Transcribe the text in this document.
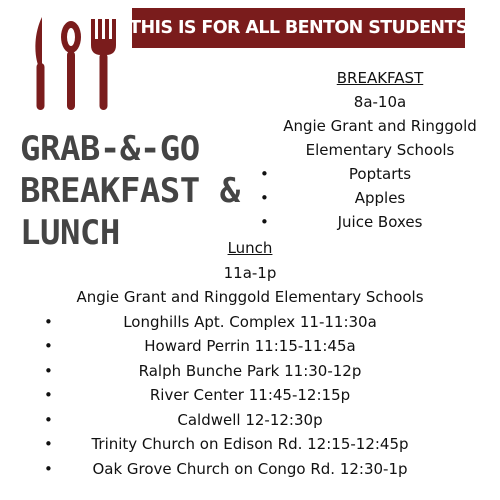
THIS IS FOR ALL BENTON STUDENTS
GRAB-&-GO
BREAKFAST &
LUNCH
BREAKFAST
8a-10a
Angie Grant and Ringgold
Elementary Schools
• Poptarts
• Apples
• Juice Boxes
Lunch
11a-1p
Angie Grant and Ringgold Elementary Schools
• Longhills Apt. Complex 11-11:30a
• Howard Perrin 11:15-11:45a
• Ralph Bunche Park 11:30-12p
• River Center 11:45-12:15p
• Caldwell 12-12:30p
• Trinity Church on Edison Rd. 12:15-12:45p
• Oak Grove Church on Congo Rd. 12:30-1p
